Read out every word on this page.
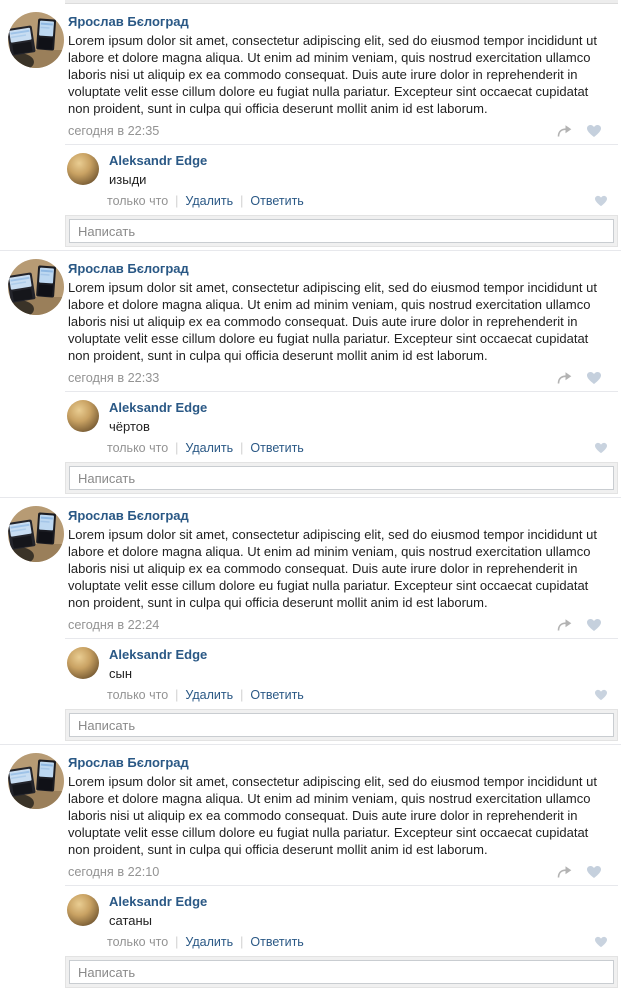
Ярослав Бєлоград
Lorem ipsum dolor sit amet, consectetur adipiscing elit, sed do eiusmod tempor incididunt ut labore et dolore magna aliqua. Ut enim ad minim veniam, quis nostrud exercitation ullamco laboris nisi ut aliquip ex ea commodo consequat. Duis aute irure dolor in reprehenderit in voluptate velit esse cillum dolore eu fugiat nulla pariatur. Excepteur sint occaecat cupidatat non proident, sunt in culpa qui officia deserunt mollit anim id est laborum.
сегодня в 22:35
Aleksandr Edge
изыди
только что | Удалить | Ответить
Написать
Ярослав Бєлоград
Lorem ipsum dolor sit amet, consectetur adipiscing elit, sed do eiusmod tempor incididunt ut labore et dolore magna aliqua. Ut enim ad minim veniam, quis nostrud exercitation ullamco laboris nisi ut aliquip ex ea commodo consequat. Duis aute irure dolor in reprehenderit in voluptate velit esse cillum dolore eu fugiat nulla pariatur. Excepteur sint occaecat cupidatat non proident, sunt in culpa qui officia deserunt mollit anim id est laborum.
сегодня в 22:33
Aleksandr Edge
чёртов
только что | Удалить | Ответить
Написать
Ярослав Бєлоград
Lorem ipsum dolor sit amet, consectetur adipiscing elit, sed do eiusmod tempor incididunt ut labore et dolore magna aliqua. Ut enim ad minim veniam, quis nostrud exercitation ullamco laboris nisi ut aliquip ex ea commodo consequat. Duis aute irure dolor in reprehenderit in voluptate velit esse cillum dolore eu fugiat nulla pariatur. Excepteur sint occaecat cupidatat non proident, sunt in culpa qui officia deserunt mollit anim id est laborum.
сегодня в 22:24
Aleksandr Edge
сын
только что | Удалить | Ответить
Написать
Ярослав Бєлоград
Lorem ipsum dolor sit amet, consectetur adipiscing elit, sed do eiusmod tempor incididunt ut labore et dolore magna aliqua. Ut enim ad minim veniam, quis nostrud exercitation ullamco laboris nisi ut aliquip ex ea commodo consequat. Duis aute irure dolor in reprehenderit in voluptate velit esse cillum dolore eu fugiat nulla pariatur. Excepteur sint occaecat cupidatat non proident, sunt in culpa qui officia deserunt mollit anim id est laborum.
сегодня в 22:10
Aleksandr Edge
сатаны
только что | Удалить | Ответить
Написать
